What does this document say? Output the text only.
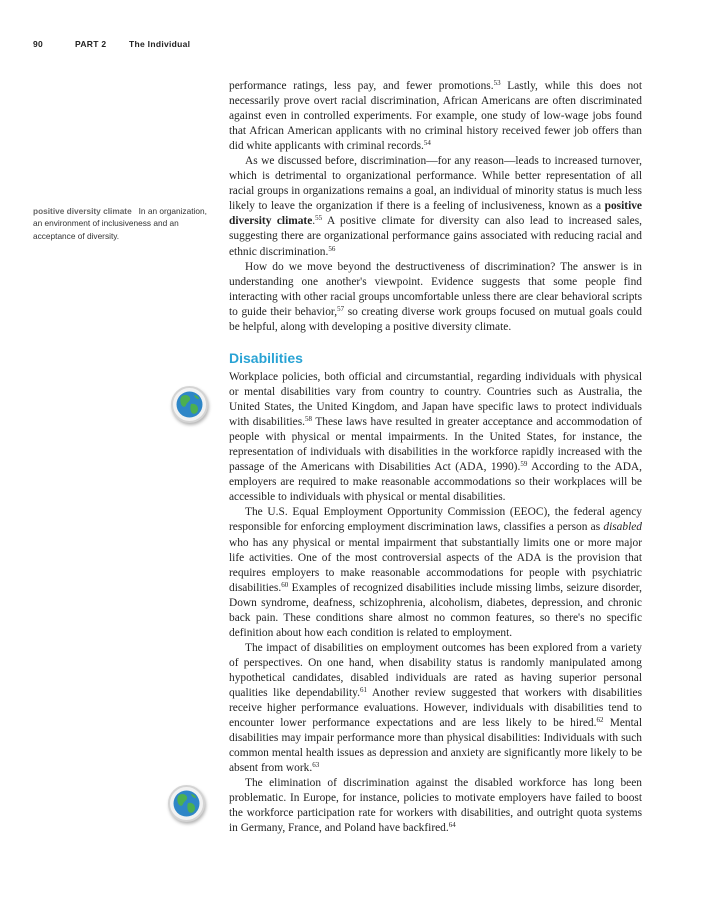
90	PART 2	The Individual
positive diversity climate In an organization, an environment of inclusiveness and an acceptance of diversity.

performance ratings, less pay, and fewer promotions.$^{53}$ Lastly, while this does not necessarily prove overt racial discrimination, African Americans are often discriminated against even in controlled experiments. For example, one study of low-wage jobs found that African American applicants with no criminal history received fewer job offers than did white applicants with criminal records.$^{54}$

As we discussed before, discrimination—for any reason—leads to increased turnover, which is detrimental to organizational performance. While better representation of all racial groups in organizations remains a goal, an individual of minority status is much less likely to leave the organization if there is a feeling of inclusiveness, known as a positive diversity climate.$^{55}$ A positive climate for diversity can also lead to increased sales, suggesting there are organizational performance gains associated with reducing racial and ethnic discrimination.$^{56}$

How do we move beyond the destructiveness of discrimination? The answer is in understanding one another's viewpoint. Evidence suggests that some people find interacting with other racial groups uncomfortable unless there are clear behavioral scripts to guide their behavior,$^{57}$ so creating diverse work groups focused on mutual goals could be helpful, along with developing a positive diversity climate.

Disabilities

Workplace policies, both official and circumstantial, regarding individuals with physical or mental disabilities vary from country to country. Countries such as Australia, the United States, the United Kingdom, and Japan have specific laws to protect individuals with disabilities.$^{58}$ These laws have resulted in greater acceptance and accommodation of people with physical or mental impairments. In the United States, for instance, the representation of individuals with disabilities in the workforce rapidly increased with the passage of the Americans with Disabilities Act (ADA, 1990).$^{59}$ According to the ADA, employers are required to make reasonable accommodations so their workplaces will be accessible to individuals with physical or mental disabilities.

The U.S. Equal Employment Opportunity Commission (EEOC), the federal agency responsible for enforcing employment discrimination laws, classifies a person as disabled who has any physical or mental impairment that substantially limits one or more major life activities. One of the most controversial aspects of the ADA is the provision that requires employers to make reasonable accommodations for people with psychiatric disabilities.$^{60}$ Examples of recognized disabilities include missing limbs, seizure disorder, Down syndrome, deafness, schizophrenia, alcoholism, diabetes, depression, and chronic back pain. These conditions share almost no common features, so there's no specific definition about how each condition is related to employment.

The impact of disabilities on employment outcomes has been explored from a variety of perspectives. On one hand, when disability status is randomly manipulated among hypothetical candidates, disabled individuals are rated as having superior personal qualities like dependability.$^{61}$ Another review suggested that workers with disabilities receive higher performance evaluations. However, individuals with disabilities tend to encounter lower performance expectations and are less likely to be hired.$^{62}$ Mental disabilities may impair performance more than physical disabilities: Individuals with such common mental health issues as depression and anxiety are significantly more likely to be absent from work.$^{63}$

The elimination of discrimination against the disabled workforce has long been problematic. In Europe, for instance, policies to motivate employers have failed to boost the workforce participation rate for workers with disabilities, and outright quota systems in Germany, France, and Poland have backfired.$^{64}$
